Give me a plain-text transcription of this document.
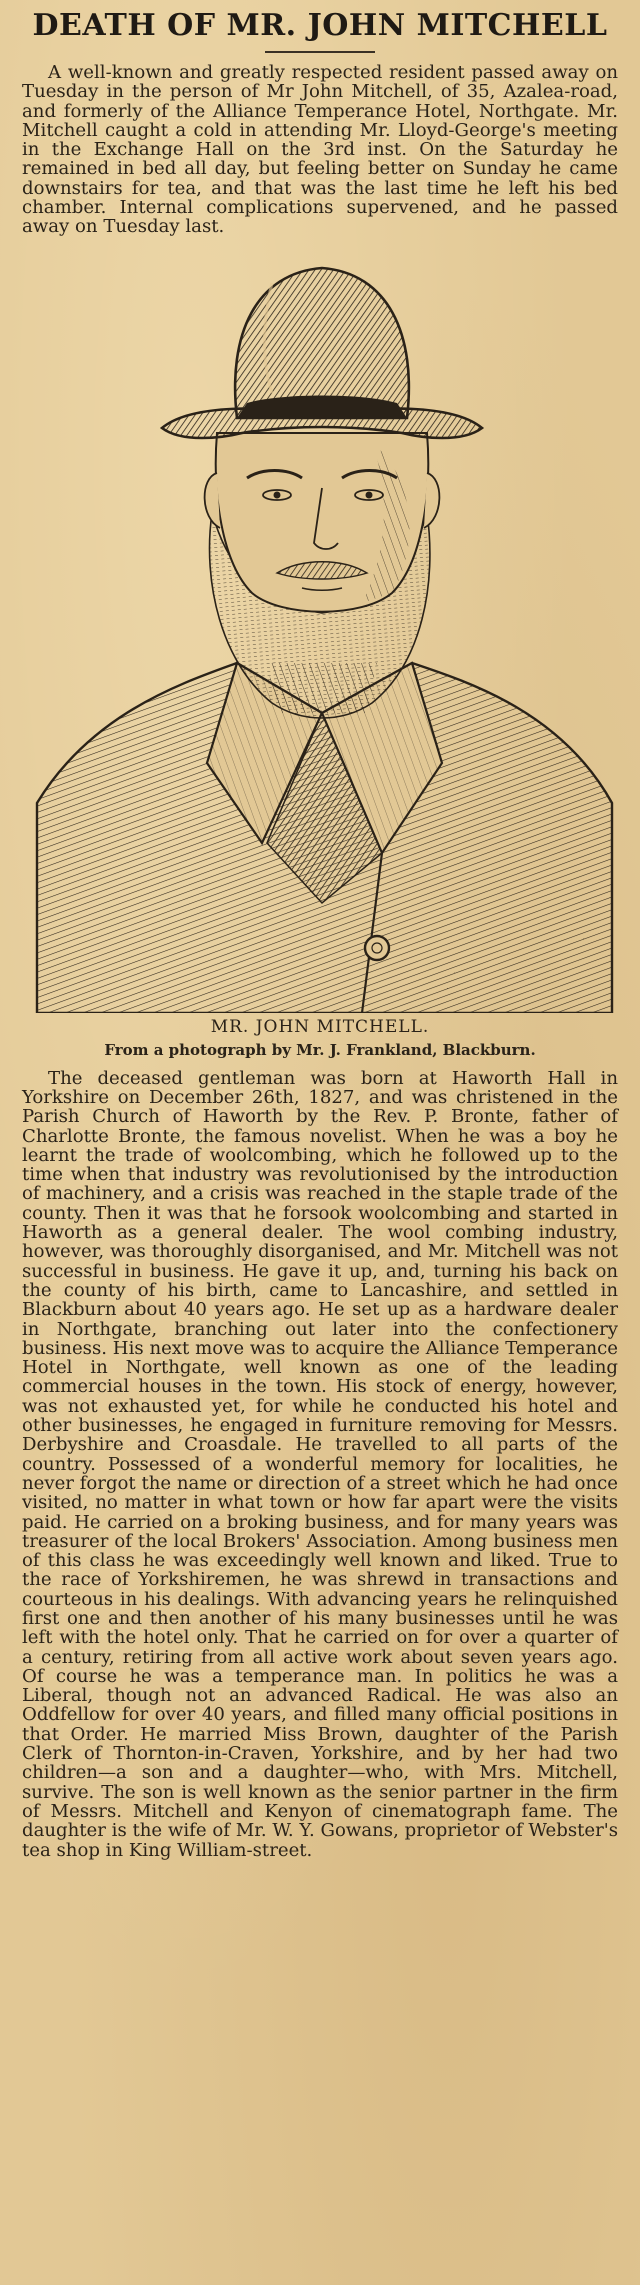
DEATH OF MR. JOHN MITCHELL

A well-known and greatly respected resident passed away on Tuesday in the person of Mr John Mitchell, of 35, Azalea-road, and formerly of the Alliance Temperance Hotel, Northgate. Mr. Mitchell caught a cold in attending Mr. Lloyd-George's meeting in the Exchange Hall on the 3rd inst. On the Saturday he remained in bed all day, but feeling better on Sunday he came downstairs for tea, and that was the last time he left his bed chamber. Internal complications supervened, and he passed away on Tuesday last.

MR. JOHN MITCHELL.

From a photograph by Mr. J. Frankland, Blackburn.

The deceased gentleman was born at Haworth Hall in Yorkshire on December 26th, 1827, and was christened in the Parish Church of Haworth by the Rev. P. Bronte, father of Charlotte Bronte, the famous novelist. When he was a boy he learnt the trade of woolcombing, which he followed up to the time when that industry was revolutionised by the introduction of machinery, and a crisis was reached in the staple trade of the county. Then it was that he forsook woolcombing and started in Haworth as a general dealer. The wool combing industry, however, was thoroughly disorganised, and Mr. Mitchell was not successful in business. He gave it up, and, turning his back on the county of his birth, came to Lancashire, and settled in Blackburn about 40 years ago. He set up as a hardware dealer in Northgate, branching out later into the confectionery business. His next move was to acquire the Alliance Temperance Hotel in Northgate, well known as one of the leading commercial houses in the town. His stock of energy, however, was not exhausted yet, for while he conducted his hotel and other businesses, he engaged in furniture removing for Messrs. Derbyshire and Croasdale. He travelled to all parts of the country. Possessed of a wonderful memory for localities, he never forgot the name or direction of a street which he had once visited, no matter in what town or how far apart were the visits paid. He carried on a broking business, and for many years was treasurer of the local Brokers' Association. Among business men of this class he was exceedingly well known and liked. True to the race of Yorkshiremen, he was shrewd in transactions and courteous in his dealings. With advancing years he relinquished first one and then another of his many businesses until he was left with the hotel only. That he carried on for over a quarter of a century, retiring from all active work about seven years ago. Of course he was a temperance man. In politics he was a Liberal, though not an advanced Radical. He was also an Oddfellow for over 40 years, and filled many official positions in that Order. He married Miss Brown, daughter of the Parish Clerk of Thornton-in-Craven, Yorkshire, and by her had two children—a son and a daughter—who, with Mrs. Mitchell, survive. The son is well known as the senior partner in the firm of Messrs. Mitchell and Kenyon of cinematograph fame. The daughter is the wife of Mr. W. Y. Gowans, proprietor of Webster's tea shop in King William-street.
